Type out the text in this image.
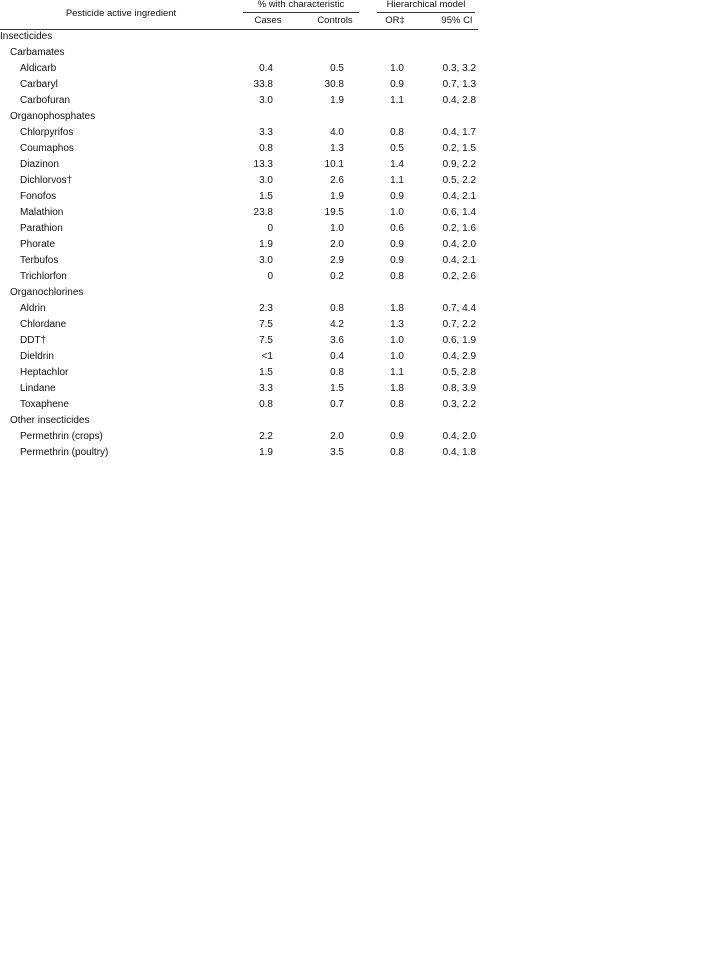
Pesticide active ingredient
% with characteristic	Hierarchical model
Cases	Controls	OR‡	95% CI
Insecticides
Carbamates
Aldicarb	0.4	0.5	1.0	0.3, 3.2
Carbaryl	33.8	30.8	0.9	0.7, 1.3
Carbofuran	3.0	1.9	1.1	0.4, 2.8
Organophosphates
Chlorpyrifos	3.3	4.0	0.8	0.4, 1.7
Coumaphos	0.8	1.3	0.5	0.2, 1.5
Diazinon	13.3	10.1	1.4	0.9, 2.2
Dichlorvos†	3.0	2.6	1.1	0.5, 2.2
Fonofos	1.5	1.9	0.9	0.4, 2.1
Malathion	23.8	19.5	1.0	0.6, 1.4
Parathion	0	1.0	0.6	0.2, 1.6
Phorate	1.9	2.0	0.9	0.4, 2.0
Terbufos	3.0	2.9	0.9	0.4, 2.1
Trichlorfon	0	0.2	0.8	0.2, 2.6
Organochlorines
Aldrin	2.3	0.8	1.8	0.7, 4.4
Chlordane	7.5	4.2	1.3	0.7, 2.2
DDT†	7.5	3.6	1.0	0.6, 1.9
Dieldrin	<1	0.4	1.0	0.4, 2.9
Heptachlor	1.5	0.8	1.1	0.5, 2.8
Lindane	3.3	1.5	1.8	0.8, 3.9
Toxaphene	0.8	0.7	0.8	0.3, 2.2
Other insecticides
Permethrin (crops)	2.2	2.0	0.9	0.4, 2.0
Permethrin (poultry)	1.9	3.5	0.8	0.4, 1.8
